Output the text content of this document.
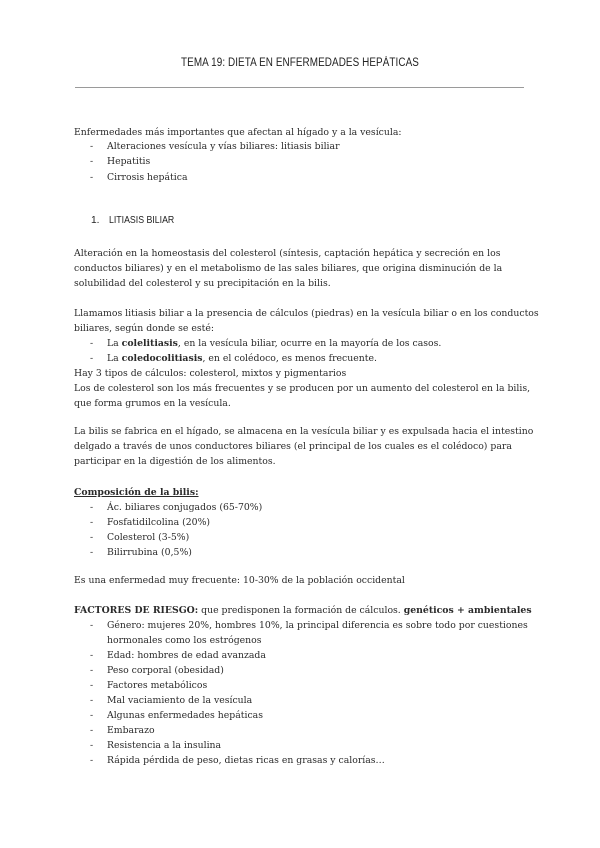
TEMA 19: DIETA EN ENFERMEDADES HEPÁTICAS
Enfermedades más importantes que afectan al hígado y a la vesícula:
- Alteraciones vesícula y vías biliares: litiasis biliar
- Hepatitis
- Cirrosis hepática
1. LITIASIS BILIAR
Alteración en la homeostasis del colesterol (síntesis, captación hepática y secreción en los
conductos biliares) y en el metabolismo de las sales biliares, que origina disminución de la
solubilidad del colesterol y su precipitación en la bilis.
Llamamos litiasis biliar a la presencia de cálculos (piedras) en la vesícula biliar o en los conductos
biliares, según donde se esté:
- La colelitiasis, en la vesícula biliar, ocurre en la mayoría de los casos.
- La coledocolitiasis, en el colédoco, es menos frecuente.
Hay 3 tipos de cálculos: colesterol, mixtos y pigmentarios
Los de colesterol son los más frecuentes y se producen por un aumento del colesterol en la bilis,
que forma grumos en la vesícula.
La bilis se fabrica en el hígado, se almacena en la vesícula biliar y es expulsada hacia el intestino
delgado a través de unos conductores biliares (el principal de los cuales es el colédoco) para
participar en la digestión de los alimentos.
Composición de la bilis:
- Ác. biliares conjugados (65-70%)
- Fosfatidilcolina (20%)
- Colesterol (3-5%)
- Bilirrubina (0,5%)
Es una enfermedad muy frecuente: 10-30% de la población occidental
FACTORES DE RIESGO: que predisponen la formación de cálculos. genéticos + ambientales
- Género: mujeres 20%, hombres 10%, la principal diferencia es sobre todo por cuestiones
hormonales como los estrógenos
- Edad: hombres de edad avanzada
- Peso corporal (obesidad)
- Factores metabólicos
- Mal vaciamiento de la vesícula
- Algunas enfermedades hepáticas
- Embarazo
- Resistencia a la insulina
- Rápida pérdida de peso, dietas ricas en grasas y calorías…
